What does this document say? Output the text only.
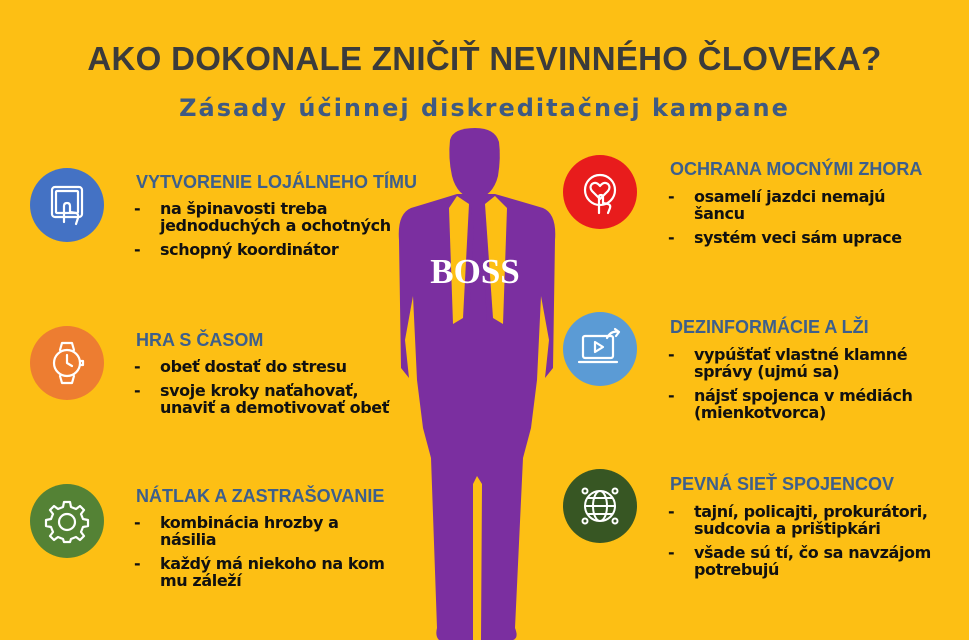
AKO DOKONALE ZNIČIŤ NEVINNÉHO ČLOVEKA?
Zásady účinnej diskreditačnej kampane
BOSS
VYTVORENIE LOJÁLNEHO TÍMU
- na špinavosti treba jednoduchých a ochotných
- schopný koordinátor
HRA S ČASOM
- obeť dostať do stresu
- svoje kroky naťahovať, unaviť a demotivovať obeť
NÁTLAK A ZASTRAŠOVANIE
- kombinácia hrozby a násilia
- každý má niekoho na kom mu záleží
OCHRANA MOCNÝMI ZHORA
- osamelí jazdci nemajú šancu
- systém veci sám uprace
DEZINFORMÁCIE A LŽI
- vypúšťať vlastné klamné správy (ujmú sa)
- nájsť spojenca v médiách (mienkotvorca)
PEVNÁ SIEŤ SPOJENCOV
- tajní, policajti, prokurátori, sudcovia a prištipkári
- všade sú tí, čo sa navzájom potrebujú
